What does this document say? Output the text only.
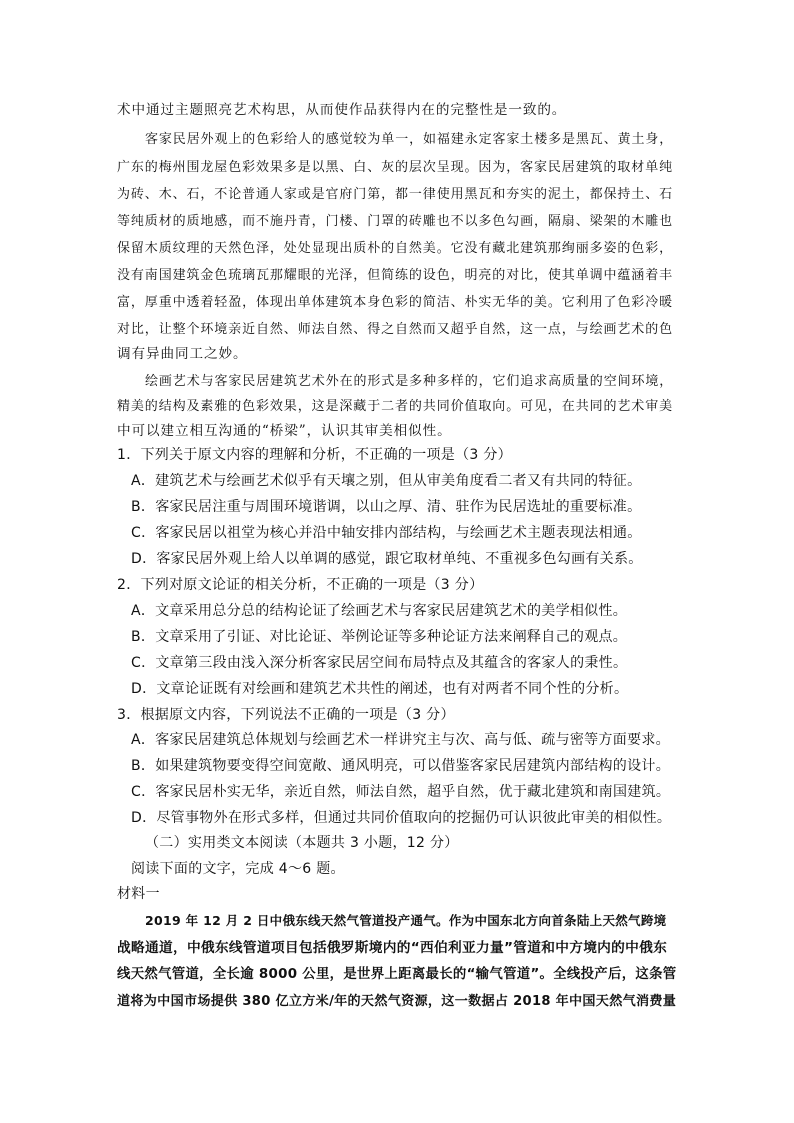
术中通过主题照亮艺术构思，从而使作品获得内在的完整性是一致的。
客家民居外观上的色彩给人的感觉较为单一，如福建永定客家土楼多是黑瓦、黄土身，
广东的梅州围龙屋色彩效果多是以黑、白、灰的层次呈现。因为，客家民居建筑的取材单纯
为砖、木、石，不论普通人家或是官府门第，都一律使用黑瓦和夯实的泥土，都保持土、石
等纯质材的质地感，而不施丹青，门楼、门罩的砖雕也不以多色勾画，隔扇、梁架的木雕也
保留木质纹理的天然色泽，处处显现出质朴的自然美。它没有藏北建筑那绚丽多姿的色彩，
没有南国建筑金色琉璃瓦那耀眼的光泽，但简练的设色，明亮的对比，使其单调中蕴涵着丰
富，厚重中透着轻盈，体现出单体建筑本身色彩的简洁、朴实无华的美。它利用了色彩冷暖
对比，让整个环境亲近自然、师法自然、得之自然而又超乎自然，这一点，与绘画艺术的色
调有异曲同工之妙。
绘画艺术与客家民居建筑艺术外在的形式是多种多样的，它们追求高质量的空间环境，
精美的结构及素雅的色彩效果，这是深藏于二者的共同价值取向。可见，在共同的艺术审美
中可以建立相互沟通的“桥梁”，认识其审美相似性。
1．下列关于原文内容的理解和分析，不正确的一项是（3 分）
A．建筑艺术与绘画艺术似乎有天壤之别，但从审美角度看二者又有共同的特征。
B．客家民居注重与周围环境谐调，以山之厚、清、驻作为民居选址的重要标准。
C．客家民居以祖堂为核心并沿中轴安排内部结构，与绘画艺术主题表现法相通。
D．客家民居外观上给人以单调的感觉，跟它取材单纯、不重视多色勾画有关系。
2．下列对原文论证的相关分析，不正确的一项是（3 分）
A．文章采用总分总的结构论证了绘画艺术与客家民居建筑艺术的美学相似性。
B．文章采用了引证、对比论证、举例论证等多种论证方法来阐释自己的观点。
C．文章第三段由浅入深分析客家民居空间布局特点及其蕴含的客家人的秉性。
D．文章论证既有对绘画和建筑艺术共性的阐述，也有对两者不同个性的分析。
3．根据原文内容，下列说法不正确的一项是（3 分）
A．客家民居建筑总体规划与绘画艺术一样讲究主与次、高与低、疏与密等方面要求。
B．如果建筑物要变得空间宽敞、通风明亮，可以借鉴客家民居建筑内部结构的设计。
C．客家民居朴实无华，亲近自然，师法自然，超乎自然，优于藏北建筑和南国建筑。
D．尽管事物外在形式多样，但通过共同价值取向的挖掘仍可认识彼此审美的相似性。
（二）实用类文本阅读（本题共 3 小题，12 分）
阅读下面的文字，完成 4～6 题。
材料一
2019 年 12 月 2 日中俄东线天然气管道投产通气。作为中国东北方向首条陆上天然气跨境
战略通道，中俄东线管道项目包括俄罗斯境内的“西伯利亚力量”管道和中方境内的中俄东
线天然气管道，全长逾 8000 公里，是世界上距离最长的“输气管道”。全线投产后，这条管
道将为中国市场提供 380 亿立方米/年的天然气资源，这一数据占 2018 年中国天然气消费量
